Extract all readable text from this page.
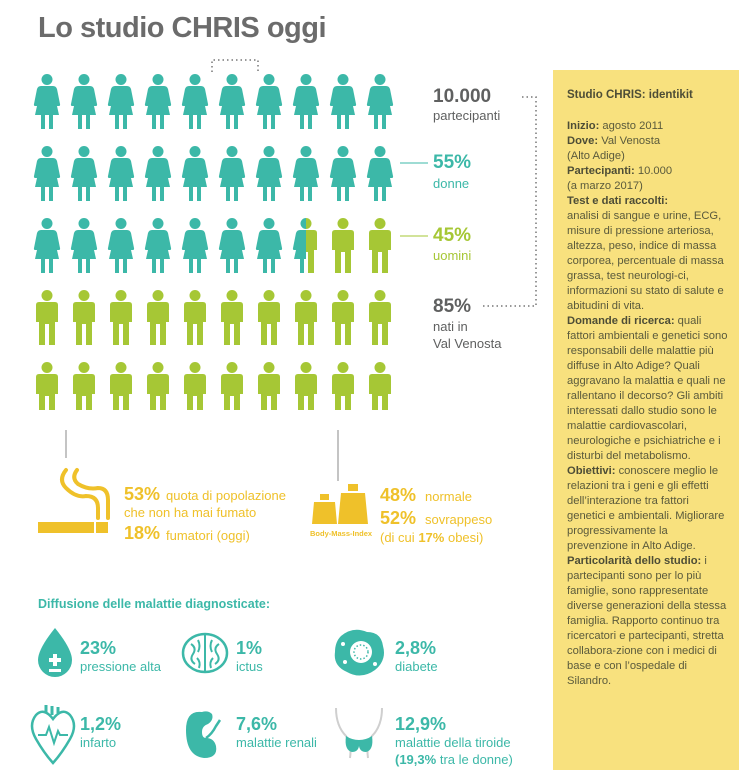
Lo studio CHRIS oggi
10.000
partecipanti
55%
donne
45%
uomini
85%
nati in
Val Venosta
53% quota di popolazione
che non ha mai fumato
18% fumatori (oggi)	Body-Mass-Index
48% normale
52% sovrappeso
(di cui 17% obesi)
Diffusione delle malattie diagnosticate:
23%
pressione alta
1%
ictus
2,8%
diabete
1,2%
infarto
7,6%
malattie renali
12,9%
malattie della tiroide
(19,3% tra le donne)
Studio CHRIS: identikit
Inizio: agosto 2011
Dove: Val Venosta
(Alto Adige)
Partecipanti: 10.000
(a marzo 2017)
Test e dati raccolti:
analisi di sangue e urine, ECG, misure di pressione arteriosa, altezza, peso, indice di massa corporea, percentuale di massa grassa, test neurologi-ci, informazioni su stato di salute e abitudini di vita.
Domande di ricerca: quali fattori ambientali e genetici sono responsabili delle malattie più diffuse in Alto Adige? Quali aggravano la malattia e quali ne rallentano il decorso? Gli ambiti interessati dallo studio sono le malattie cardiovascolari, neurologiche e psichiatriche e i disturbi del metabolismo.
Obiettivi: conoscere meglio le relazioni tra i geni e gli effetti dell’interazione tra fattori genetici e ambientali. Migliorare progressivamente la prevenzione in Alto Adige.
Particolarità dello studio: i partecipanti sono per lo più famiglie, sono rappresentate diverse generazioni della stessa famiglia. Rapporto continuo tra ricercatori e partecipanti, stretta collabora-zione con i medici di base e con l’ospedale di Silandro.
